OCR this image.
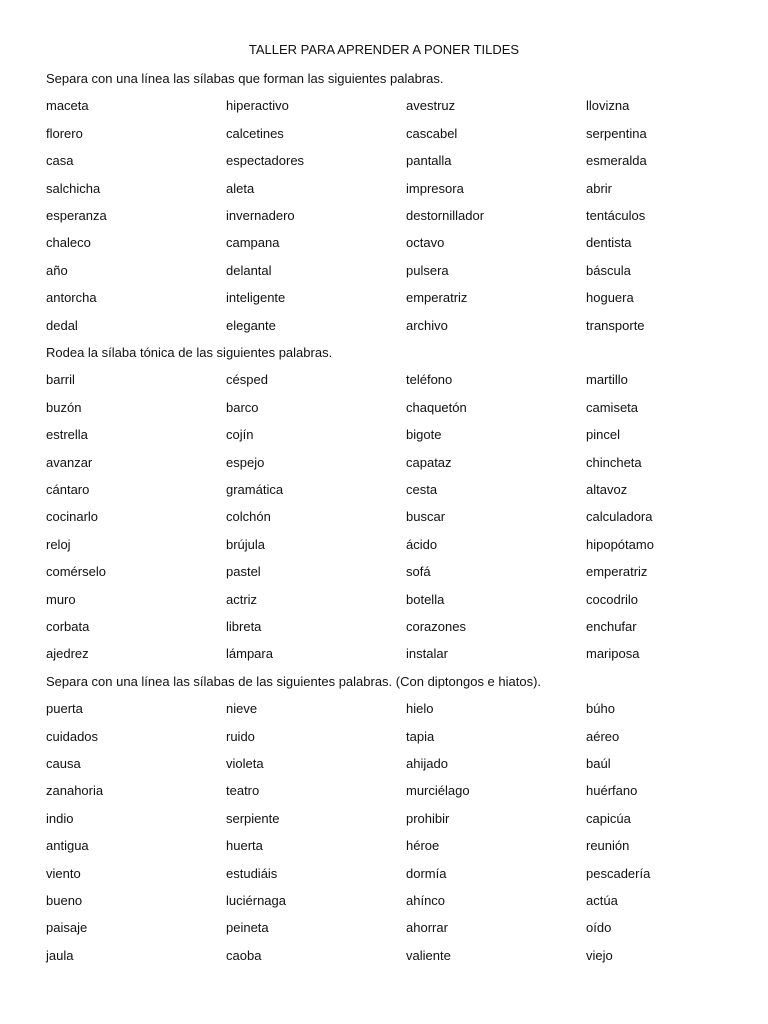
TALLER PARA APRENDER A PONER TILDES
Separa con una línea las sílabas que forman las siguientes palabras.
maceta	hiperactivo	avestruz	llovizna
florero	calcetines	cascabel	serpentina
casa	espectadores	pantalla	esmeralda
salchicha	aleta	impresora	abrir
esperanza	invernadero	destornillador	tentáculos
chaleco	campana	octavo	dentista
año	delantal	pulsera	báscula
antorcha	inteligente	emperatriz	hoguera
dedal	elegante	archivo	transporte
Rodea la sílaba tónica de las siguientes palabras.
barril	césped	teléfono	martillo
buzón	barco	chaquetón	camiseta
estrella	cojín	bigote	pincel
avanzar	espejo	capataz	chincheta
cántaro	gramática	cesta	altavoz
cocinarlo	colchón	buscar	calculadora
reloj	brújula	ácido	hipopótamo
comérselo	pastel	sofá	emperatriz
muro	actriz	botella	cocodrilo
corbata	libreta	corazones	enchufar
ajedrez	lámpara	instalar	mariposa
Separa con una línea las sílabas de las siguientes palabras. (Con diptongos e hiatos).
puerta	nieve	hielo	búho
cuidados	ruido	tapia	aéreo
causa	violeta	ahijado	baúl
zanahoria	teatro	murciélago	huérfano
indio	serpiente	prohibir	capicúa
antigua	huerta	héroe	reunión
viento	estudiáis	dormía	pescadería
bueno	luciérnaga	ahínco	actúa
paisaje	peineta	ahorrar	oído
jaula	caoba	valiente	viejo
